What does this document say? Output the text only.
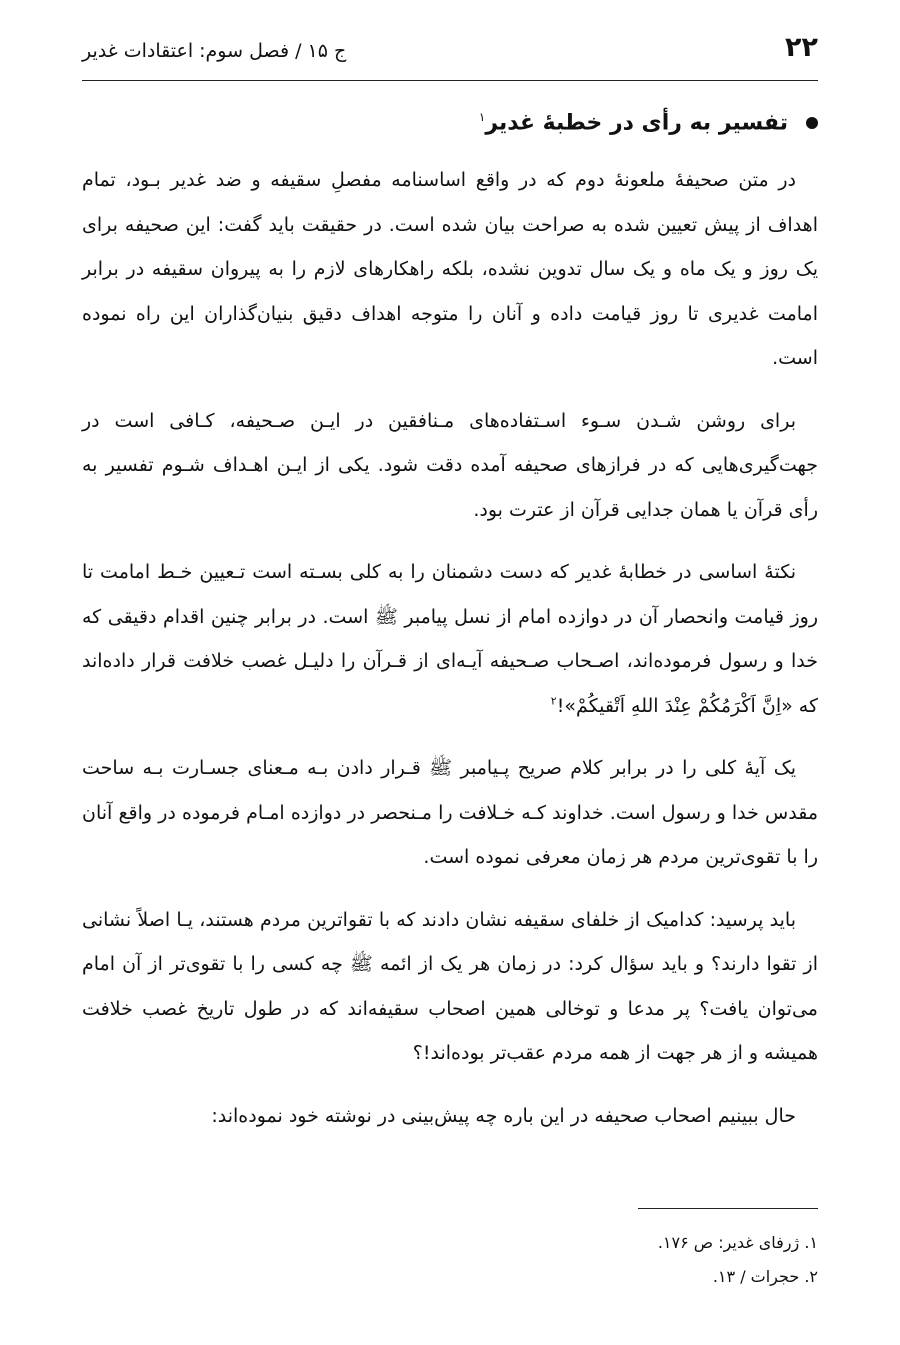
۲۲
ج ۱۵ / فصل سوم: اعتقادات غدیر
تفسیر به رأی در خطبهٔ غدیر$^۱$

در متن صحیفهٔ ملعونهٔ دوم که در واقع اساسنامه مفصلِ سقیفه و ضد غدیر بـود، تمام اهداف از پیش تعیین شده به صراحت بیان شده است. در حقیقت باید گفت: این صحیفه برای یک روز و یک ماه و یک سال تدوین نشده، بلکه راهکارهای لازم را به پیروان سقیفه در برابر امامت غدیری تا روز قیامت داده و آنان را متوجه اهداف دقیق بنیان‌گذاران این راه نموده است.

برای روشن شـدن سـوء اسـتفاده‌های مـنافقین در ایـن صـحیفه، کـافی است در جهت‌گیری‌هایی که در فرازهای صحیفه آمده دقت شود. یکی از ایـن اهـداف شـوم تفسیر به رأی قرآن یا همان جدایی قرآن از عترت بود.

نکتهٔ اساسی در خطابهٔ غدیر که دست دشمنان را به کلی بسـته است تـعیین خـط امامت تا روز قیامت وانحصار آن در دوازده امام از نسل پیامبر ﷺ است. در برابر چنین اقدام دقیقی که خدا و رسول فرموده‌اند، اصـحاب صـحیفه آیـه‌ای از قـرآن را دلیـل غصب خلافت قرار داده‌اند که «اِنَّ اَکْرَمُکُمْ عِنْدَ اللهِ اَتْقیکُمْ»!$^۲$

یک آیهٔ کلی را در برابر کلام صریح پـیامبر ﷺ قـرار دادن بـه مـعنای جسـارت بـه ساحت مقدس خدا و رسول است. خداوند کـه خـلافت را مـنحصر در دوازده امـام فرموده در واقع آنان را با تقوی‌ترین مردم هر زمان معرفی نموده است.

باید پرسید: کدامیک از خلفای سقیفه نشان دادند که با تقواترین مردم هستند، یـا اصلاً نشانی از تقوا دارند؟ و باید سؤال کرد: در زمان هر یک از ائمه ﷺ چه کسی را با تقوی‌تر از آن امام می‌توان یافت؟ پر مدعا و توخالی همین اصحاب سقیفه‌اند که در طول تاریخ غصب خلافت همیشه و از هر جهت از همه مردم عقب‌تر بوده‌اند!؟

حال ببینیم اصحاب صحیفه در این باره چه پیش‌بینی در نوشته خود نموده‌اند:

۱. ژرفای غدیر: ص ۱۷۶.

۲. حجرات / ۱۳.
